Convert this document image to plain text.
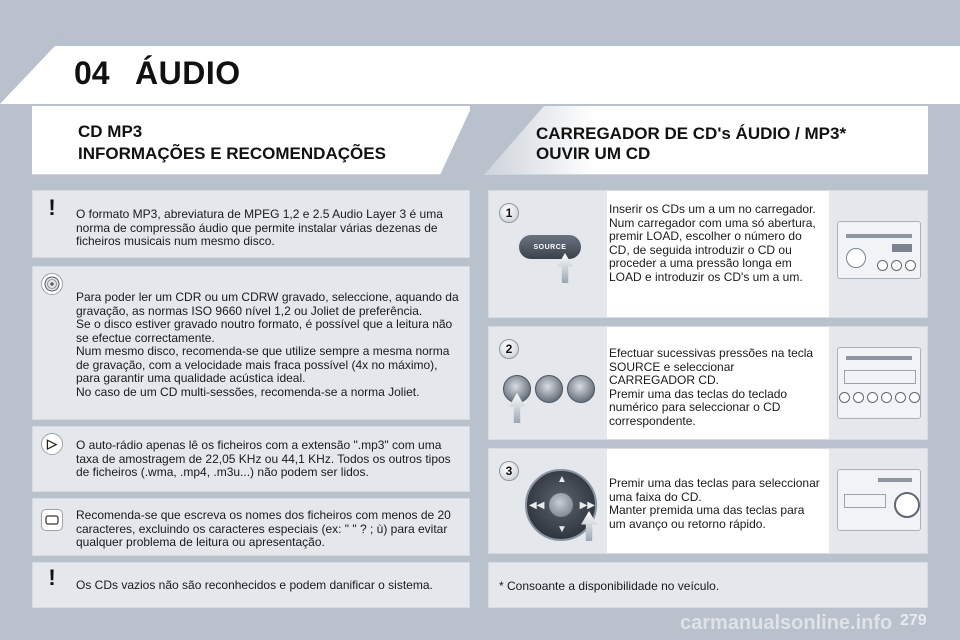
04 ÁUDIO
CD MP3
INFORMAÇÕES E RECOMENDAÇÕES
CARREGADOR DE CD's ÁUDIO / MP3*
OUVIR UM CD
!	O formato MP3, abreviatura de MPEG 1,2 e 2.5 Audio Layer 3 é uma norma de compressão áudio que permite instalar várias dezenas de ficheiros musicais num mesmo disco.
Para poder ler um CDR ou um CDRW gravado, seleccione, aquando da gravação, as normas ISO 9660 nível 1,2 ou Joliet de preferência.
Se o disco estiver gravado noutro formato, é possível que a leitura não se efectue correctamente.
Num mesmo disco, recomenda-se que utilize sempre a mesma norma de gravação, com a velocidade mais fraca possível (4x no máximo), para garantir uma qualidade acústica ideal.
No caso de um CD multi-sessões, recomenda-se a norma Joliet.
▷	O auto-rádio apenas lê os ficheiros com a extensão ".mp3" com uma taxa de amostragem de 22,05 KHz ou 44,1 KHz. Todos os outros tipos de ficheiros (.wma, .mp4, .m3u...) não podem ser lidos.
Recomenda-se que escreva os nomes dos ficheiros com menos de 20 caracteres, excluindo os caracteres especiais (ex: " " ? ; ù) para evitar qualquer problema de leitura ou apresentação.
!	Os CDs vazios não são reconhecidos e podem danificar o sistema.
1
SOURCE
Inserir os CDs um a um no carregador.
Num carregador com uma só abertura, premir LOAD, escolher o número do CD, de seguida introduzir o CD ou proceder a uma pressão longa em LOAD e introduzir os CD's um a um.
2	Efectuar sucessivas pressões na tecla SOURCE e seleccionar CARREGADOR CD.
Premir uma das teclas do teclado numérico para seleccionar o CD correspondente.
3
▲
▼
◀◀	▶▶
Premir uma das teclas para seleccionar uma faixa do CD.
Manter premida uma das teclas para um avanço ou retorno rápido.
* Consoante a disponibilidade no veículo.
carmanualsonline.info 279
